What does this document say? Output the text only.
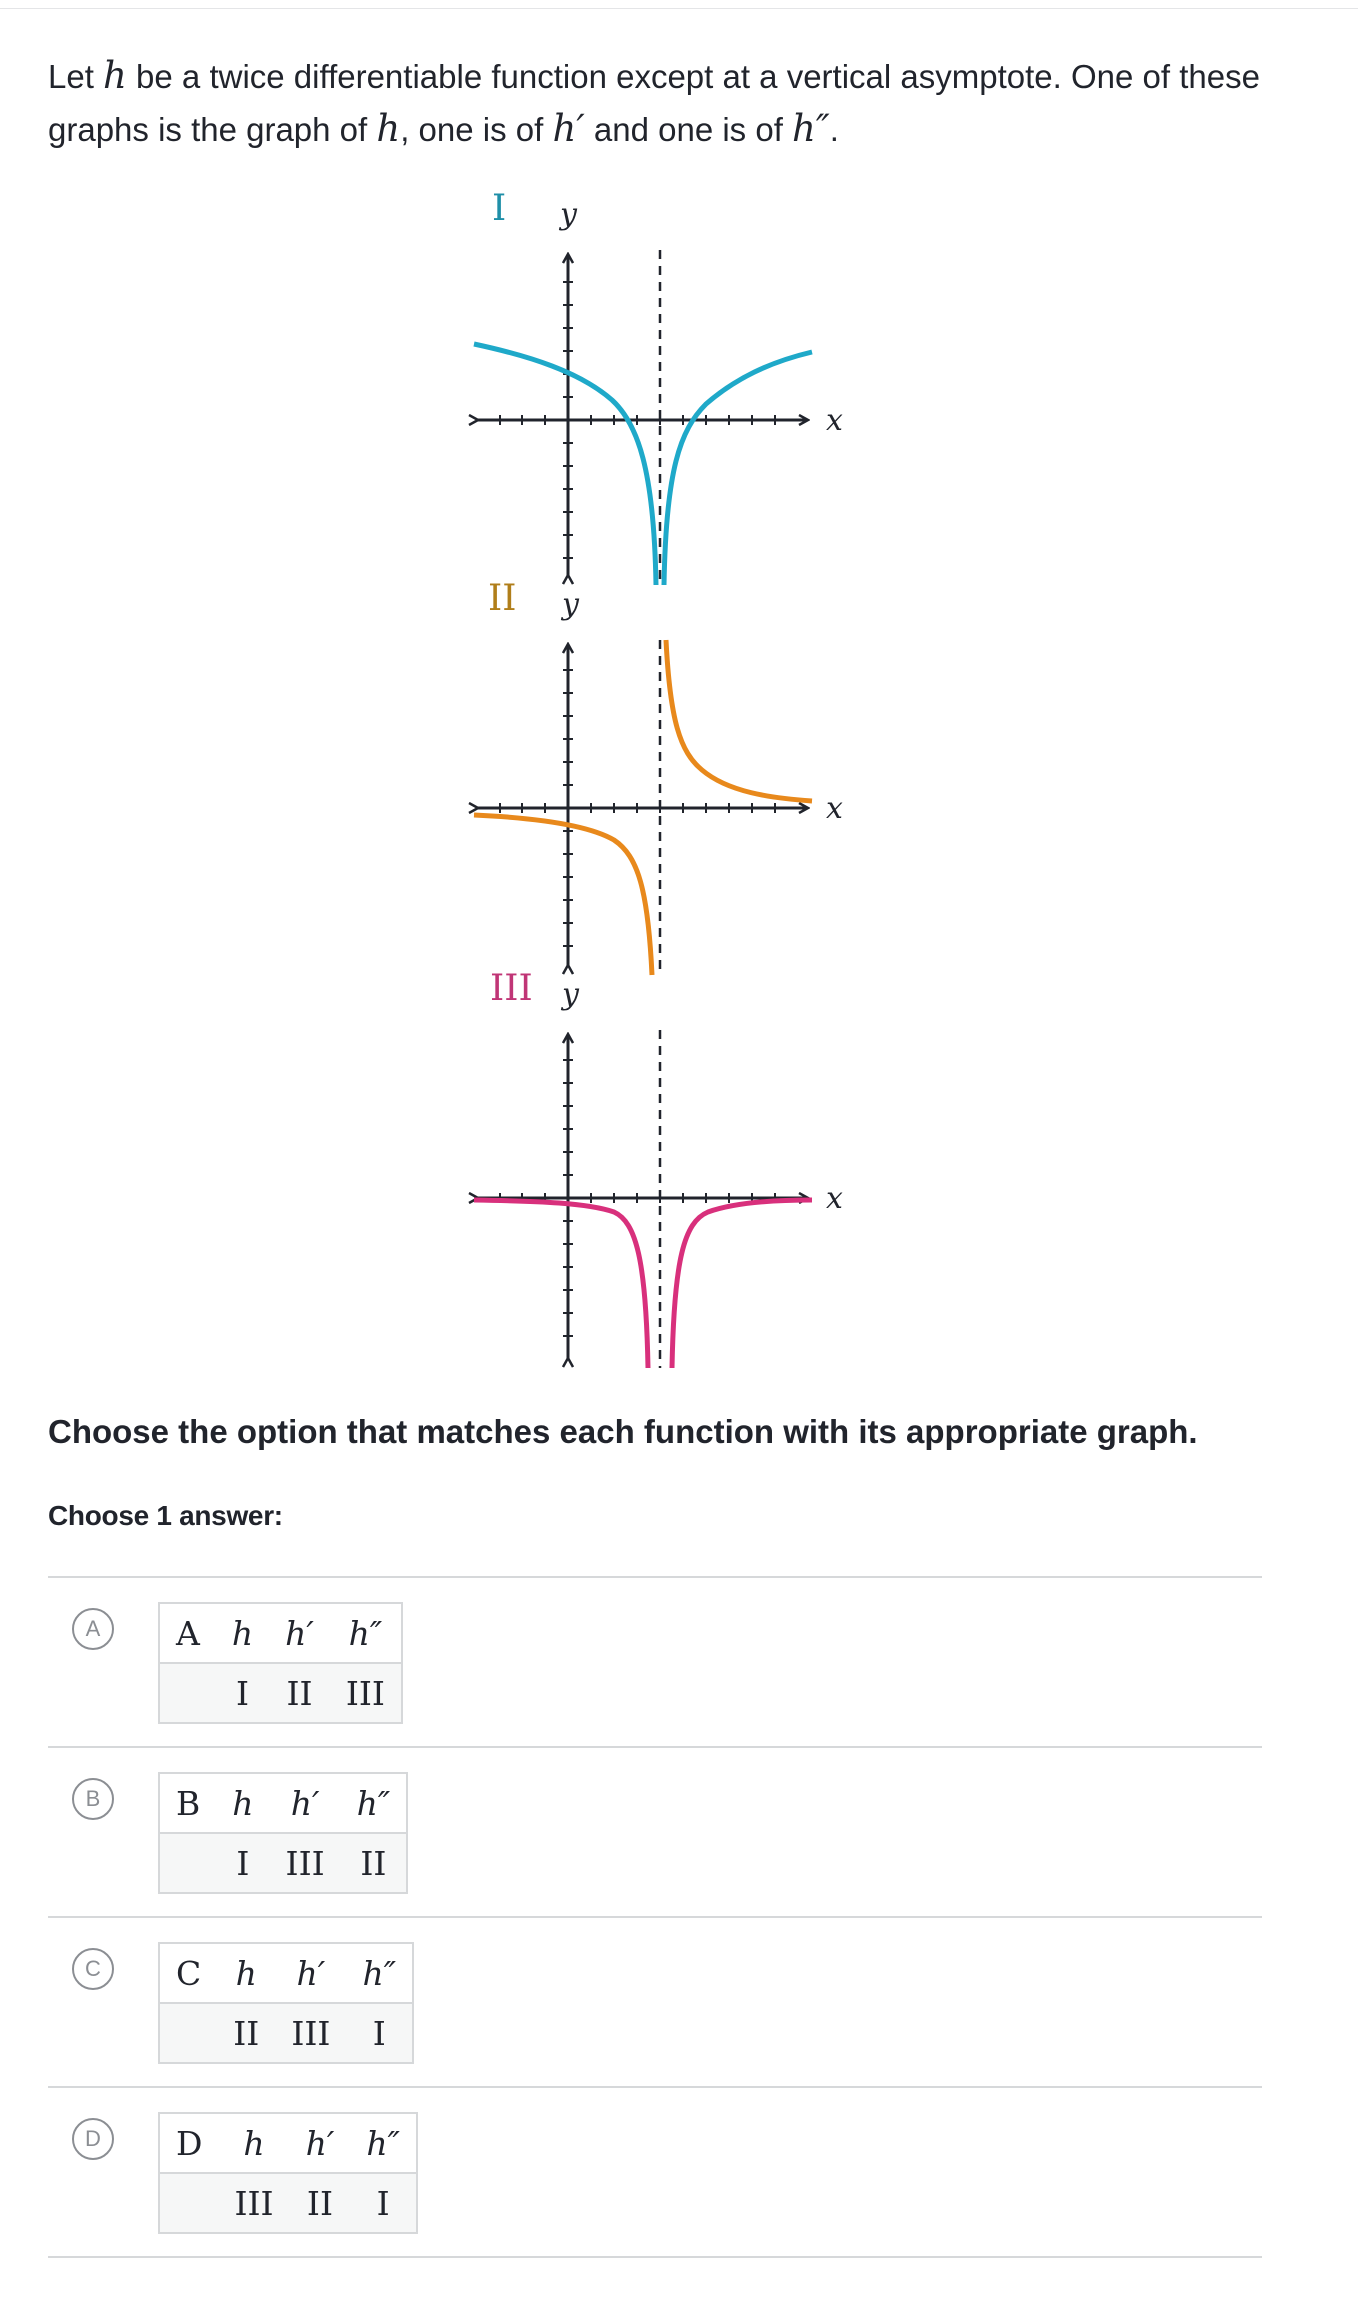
Let h be a twice differentiable function except at a vertical asymptote. One of these graphs is the graph of h, one is of h′ and one is of h″.
I y
x
II y
x
III y
x
Choose the option that matches each function with its appropriate graph.
Choose 1 answer:
A	A	h	h′	h″
	I	II	III
B	B	h	h′	h″
	I	III	II
C	C	h	h′	h″
	II	III	I
D	D	h	h′	h″
	III	II	I
